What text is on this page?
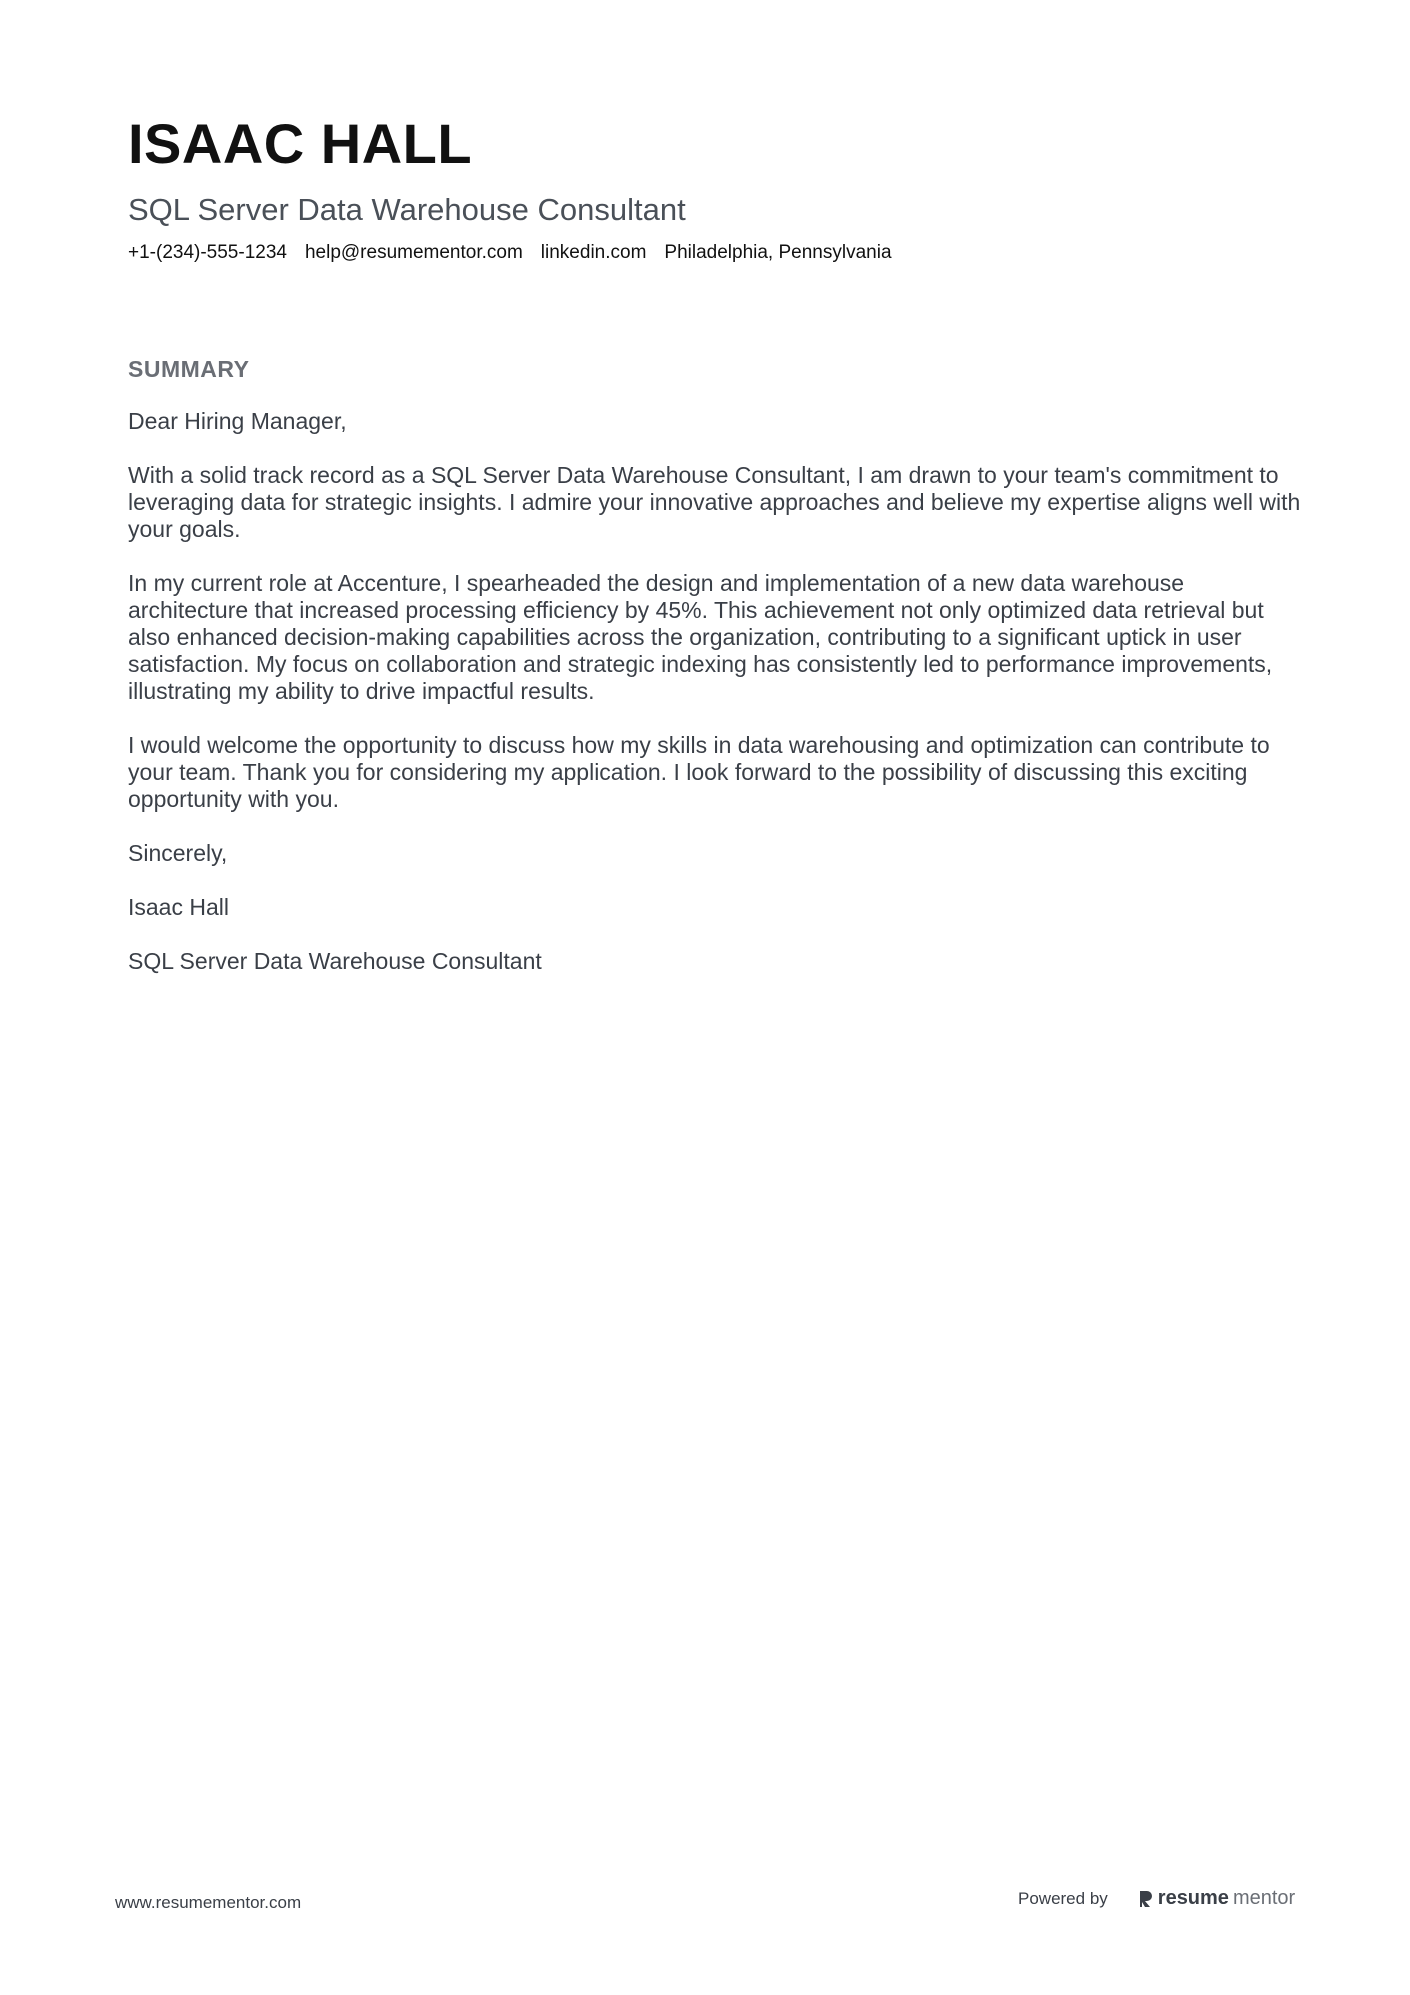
ISAAC HALL
SQL Server Data Warehouse Consultant
+1-(234)-555-1234 help@resumementor.com linkedin.com Philadelphia, Pennsylvania
SUMMARY

Dear Hiring Manager,

With a solid track record as a SQL Server Data Warehouse Consultant, I am drawn to your team's commitment to leveraging data for strategic insights. I admire your innovative approaches and believe my expertise aligns well with your goals.

In my current role at Accenture, I spearheaded the design and implementation of a new data warehouse architecture that increased processing efficiency by 45%. This achievement not only optimized data retrieval but also enhanced decision-making capabilities across the organization, contributing to a significant uptick in user satisfaction. My focus on collaboration and strategic indexing has consistently led to performance improvements, illustrating my ability to drive impactful results.

I would welcome the opportunity to discuss how my skills in data warehousing and optimization can contribute to your team. Thank you for considering my application. I look forward to the possibility of discussing this exciting opportunity with you.

Sincerely,

Isaac Hall

SQL Server Data Warehouse Consultant

www.resumementor.com	Powered by	resume mentor
